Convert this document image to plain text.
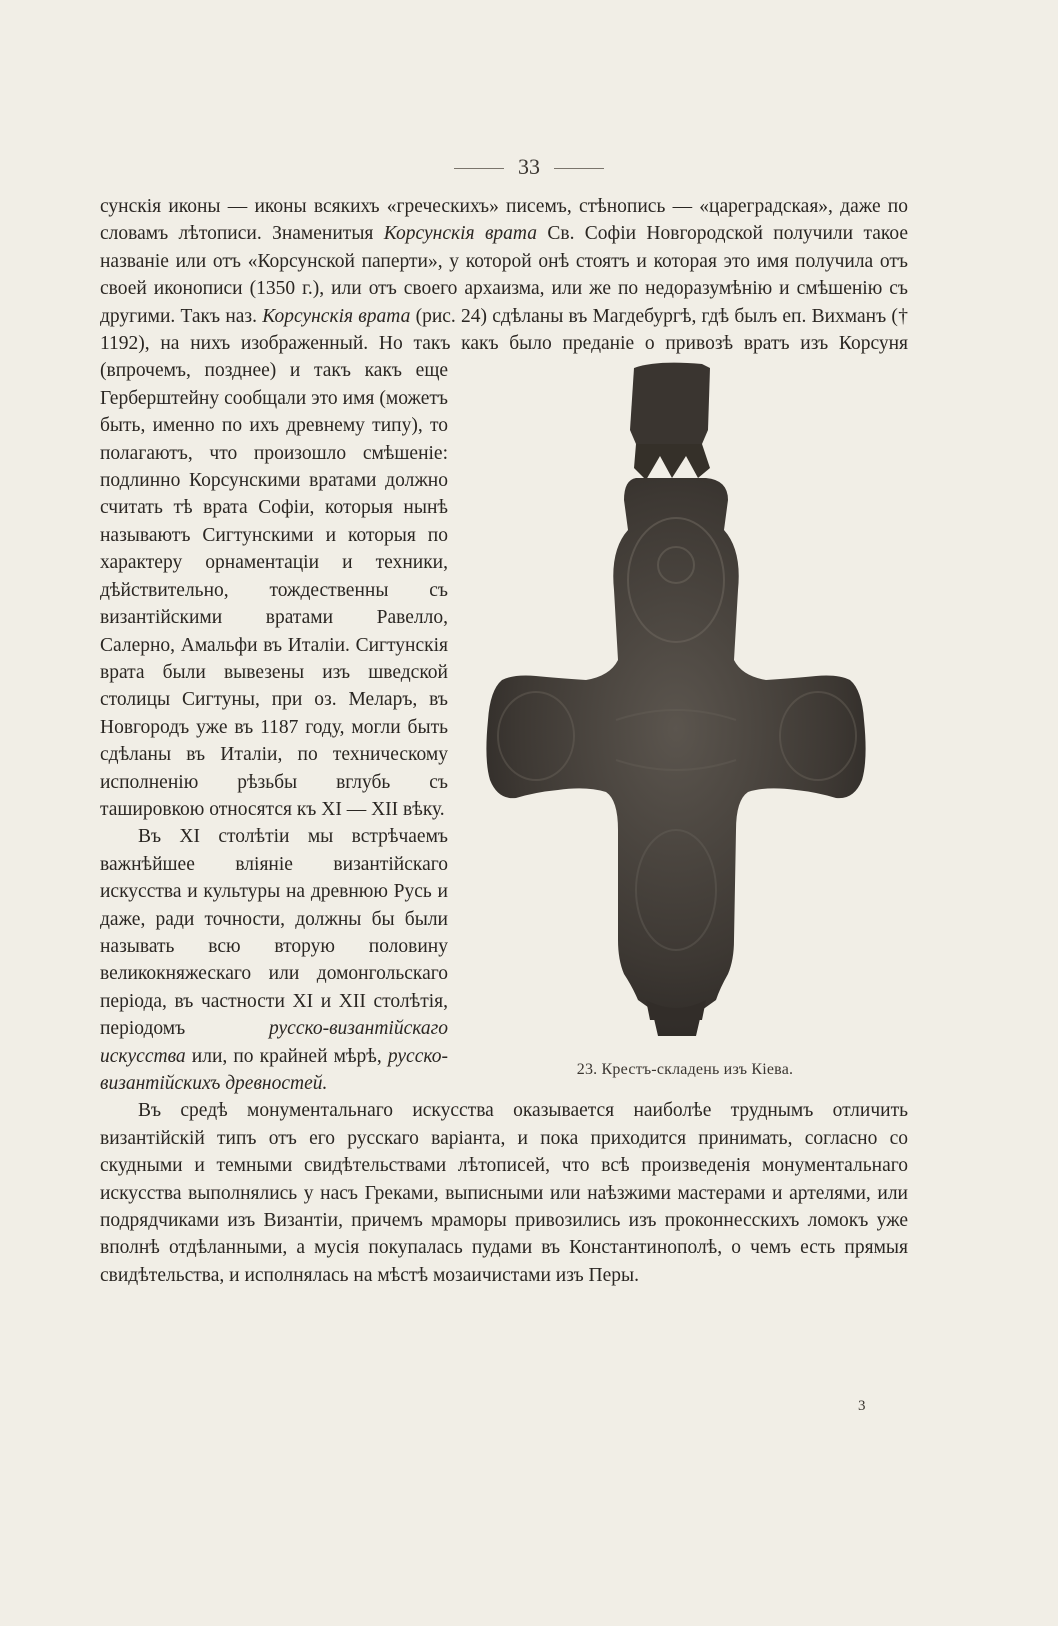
33

23. Крестъ-складень изъ Кіева.
сунскія иконы — иконы всякихъ «греческихъ» писемъ, стѣнопись — «цареградская», даже по словамъ лѣтописи. Знаменитыя Корсунскія врата Св. Софіи Новгородской получили такое названіе или отъ «Корсунской паперти», у которой онѣ стоятъ и которая это имя получила отъ своей иконописи (1350 г.), или отъ своего архаизма, или же по недоразумѣнію и смѣшенію съ другими. Такъ наз. Корсунскія врата (рис. 24) сдѣланы въ Магдебургѣ, гдѣ былъ еп. Вихманъ († 1192), на нихъ изображенный. Но такъ какъ было преданіе о привозѣ вратъ изъ Корсуня (впрочемъ, позднее) и такъ какъ еще Герберштейну сообщали это имя (можетъ быть, именно по ихъ древнему типу), то полагаютъ, что произошло смѣшеніе: подлинно Корсунскими вратами должно считать тѣ врата Софіи, которыя нынѣ называютъ Сигтунскими и которыя по характеру орнаментаціи и техники, дѣйствительно, тождественны съ византійскими вратами Равелло, Салерно, Амальфи въ Италіи. Сигтунскія врата были вывезены изъ шведской столицы Сигтуны, при оз. Меларъ, въ Новгородъ уже въ 1187 году, могли быть сдѣланы въ Италіи, по техническому исполненію рѣзьбы вглубь съ ташировкою относятся къ XI — XII вѣку.

Въ XI столѣтіи мы встрѣчаемъ важнѣйшее вліяніе византійскаго искусства и культуры на древнюю Русь и даже, ради точности, должны бы были называть всю вторую половину великокняжескаго или домонгольскаго періода, въ частности XI и XII столѣтія, періодомъ русско-византійскаго искусства или, по крайней мѣрѣ, русско-византійскихъ древностей.

Въ средѣ монументальнаго искусства оказывается наиболѣе труднымъ отличить византійскій типъ отъ его русскаго варіанта, и пока приходится принимать, согласно со скудными и темными свидѣтельствами лѣтописей, что всѣ произведенія монументальнаго искусства выполнялись у насъ Греками, выписными или наѣзжими мастерами и артелями, или подрядчиками изъ Византіи, причемъ мраморы привозились изъ проконнесскихъ ломокъ уже вполнѣ отдѣланными, а мусія покупалась пудами въ Константинополѣ, о чемъ есть прямыя свидѣтельства, и исполнялась на мѣстѣ мозаичистами изъ Перы.

3
